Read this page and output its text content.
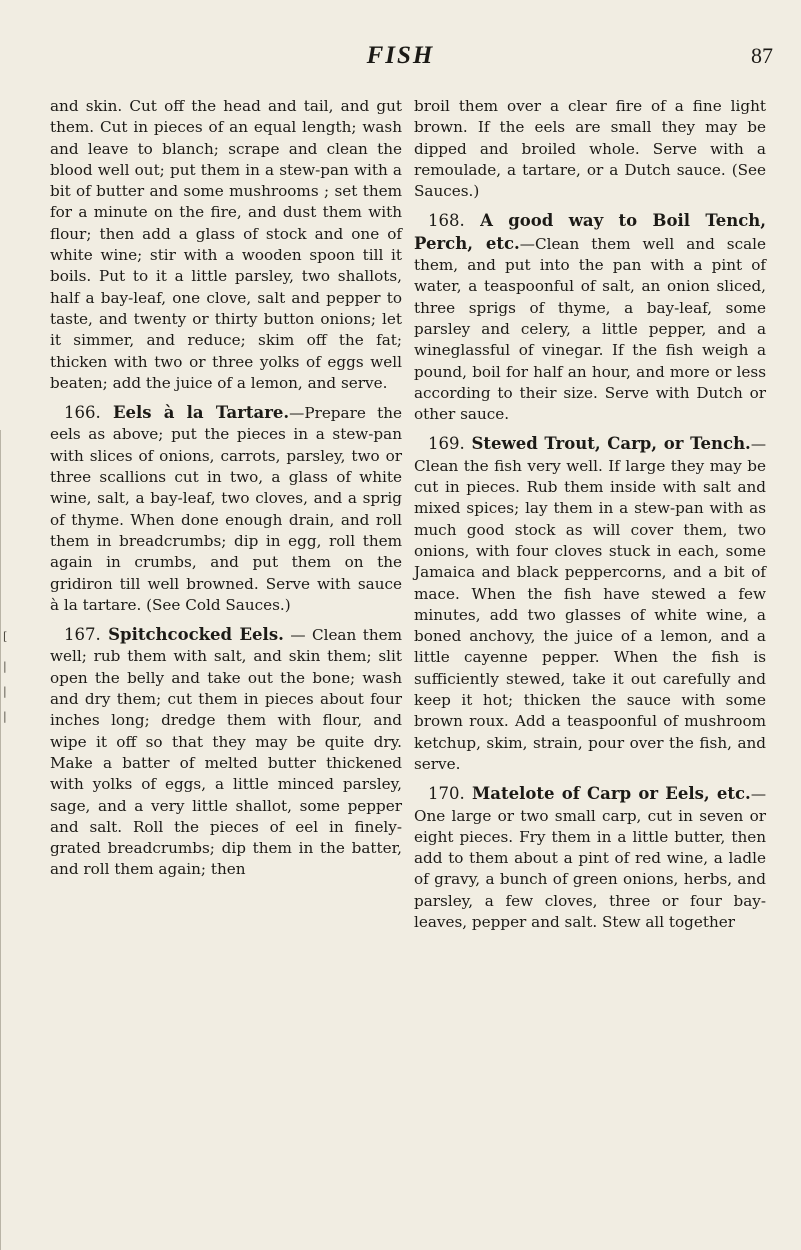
FISH	87
[
|
|
|

and skin. Cut off the head and tail, and gut them. Cut in pieces of an equal length; wash and leave to blanch; scrape and clean the blood well out; put them in a stew-pan with a bit of butter and some mushrooms ; set them for a minute on the fire, and dust them with flour; then add a glass of stock and one of white wine; stir with a wooden spoon till it boils. Put to it a little parsley, two shallots, half a bay-leaf, one clove, salt and pepper to taste, and twenty or thirty button onions; let it simmer, and reduce; skim off the fat; thicken with two or three yolks of eggs well beaten; add the juice of a lemon, and serve.

166. Eels à la Tartare.—Prepare the eels as above; put the pieces in a stew-pan with slices of onions, carrots, parsley, two or three scallions cut in two, a glass of white wine, salt, a bay-leaf, two cloves, and a sprig of thyme. When done enough drain, and roll them in breadcrumbs; dip in egg, roll them again in crumbs, and put them on the gridiron till well browned. Serve with sauce à la tartare. (See Cold Sauces.)

167. Spitchcocked Eels. — Clean them well; rub them with salt, and skin them; slit open the belly and take out the bone; wash and dry them; cut them in pieces about four inches long; dredge them with flour, and wipe it off so that they may be quite dry. Make a batter of melted butter thickened with yolks of eggs, a little minced parsley, sage, and a very little shallot, some pepper and salt. Roll the pieces of eel in finely-grated breadcrumbs; dip them in the batter, and roll them again; then

broil them over a clear fire of a fine light brown. If the eels are small they may be dipped and broiled whole. Serve with a remoulade, a tartare, or a Dutch sauce. (See Sauces.)

168. A good way to Boil Tench, Perch, etc.—Clean them well and scale them, and put into the pan with a pint of water, a teaspoonful of salt, an onion sliced, three sprigs of thyme, a bay-leaf, some parsley and celery, a little pepper, and a wineglassful of vinegar. If the fish weigh a pound, boil for half an hour, and more or less according to their size. Serve with Dutch or other sauce.

169. Stewed Trout, Carp, or Tench.—Clean the fish very well. If large they may be cut in pieces. Rub them inside with salt and mixed spices; lay them in a stew-pan with as much good stock as will cover them, two onions, with four cloves stuck in each, some Jamaica and black peppercorns, and a bit of mace. When the fish have stewed a few minutes, add two glasses of white wine, a boned anchovy, the juice of a lemon, and a little cayenne pepper. When the fish is sufficiently stewed, take it out carefully and keep it hot; thicken the sauce with some brown roux. Add a teaspoonful of mushroom ketchup, skim, strain, pour over the fish, and serve.

170. Matelote of Carp or Eels, etc.—One large or two small carp, cut in seven or eight pieces. Fry them in a little butter, then add to them about a pint of red wine, a ladle of gravy, a bunch of green onions, herbs, and parsley, a few cloves, three or four bay-leaves, pepper and salt. Stew all together
